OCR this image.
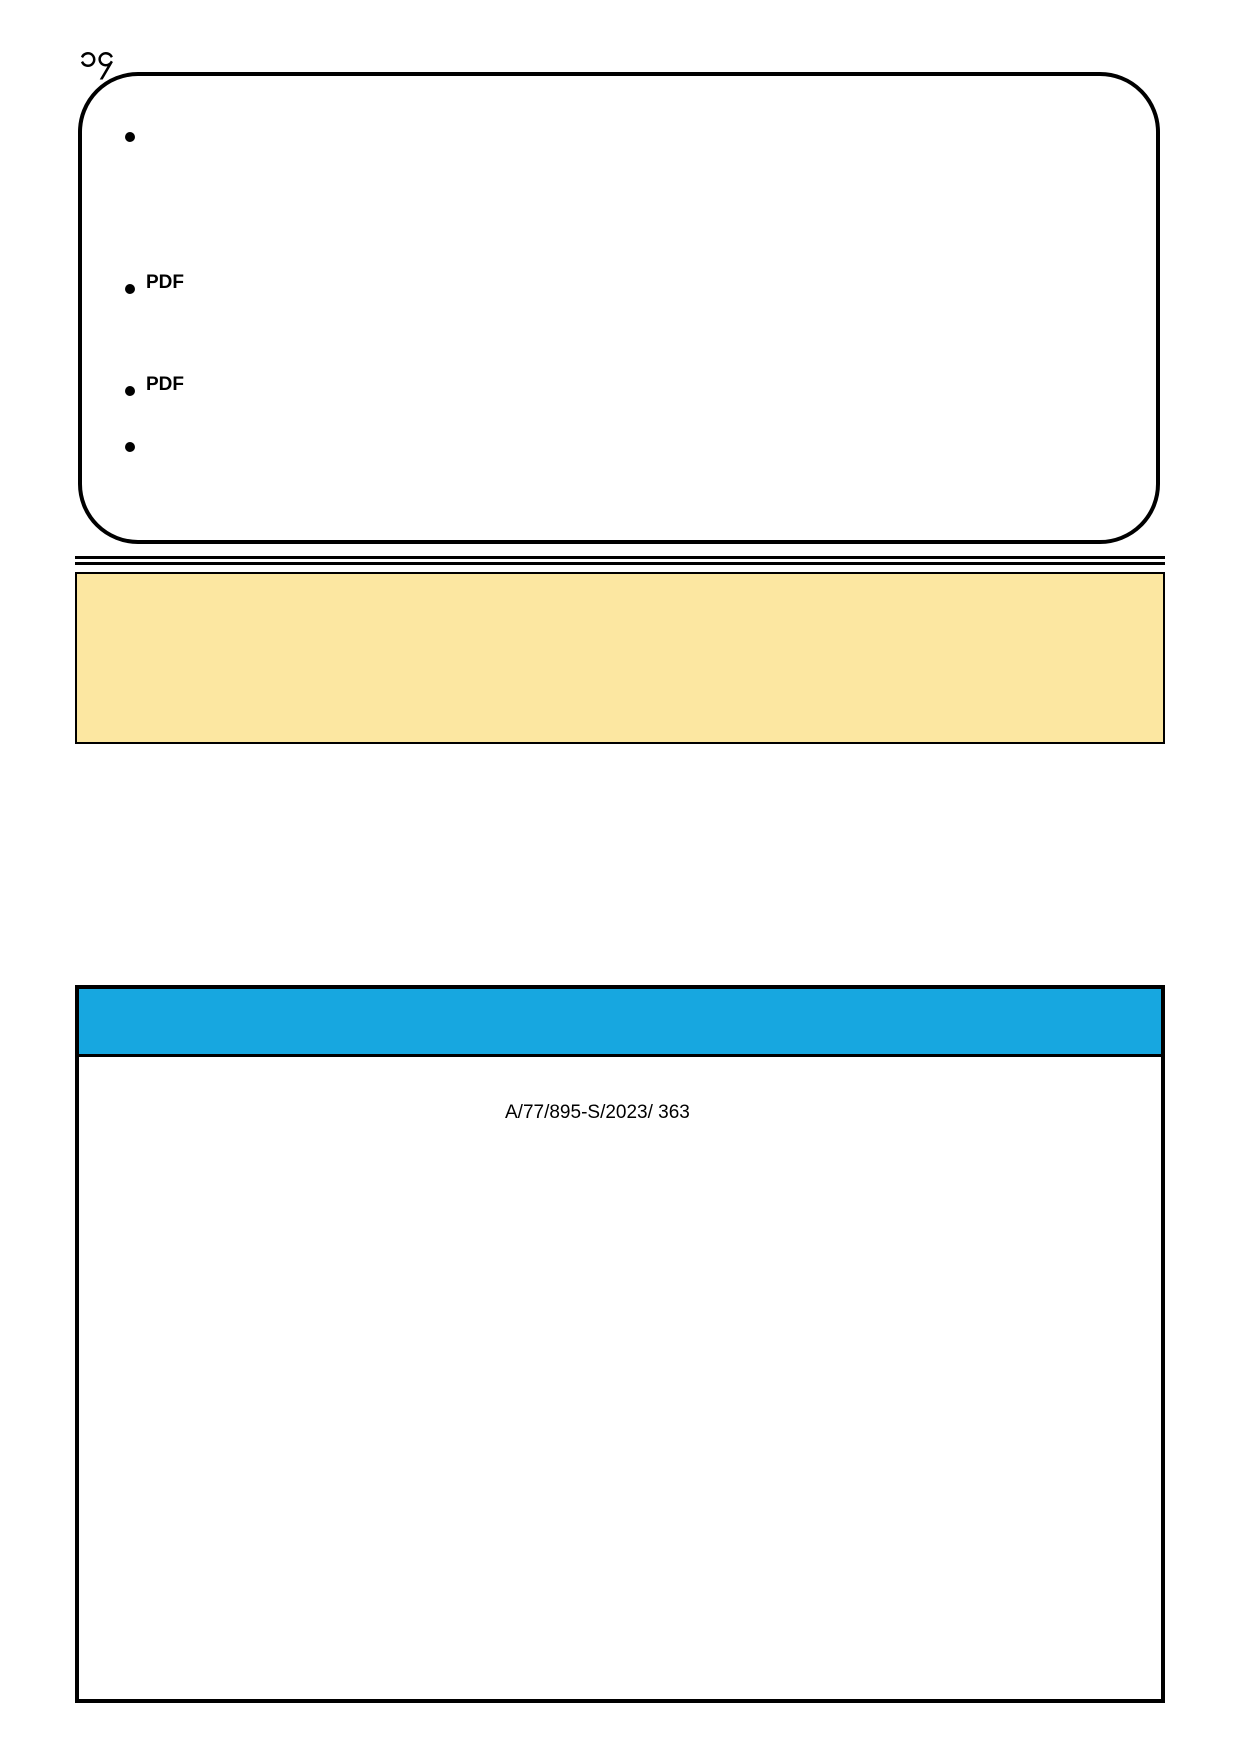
၁၄
PDF
PDF
A/77/895-S/2023/ 363
